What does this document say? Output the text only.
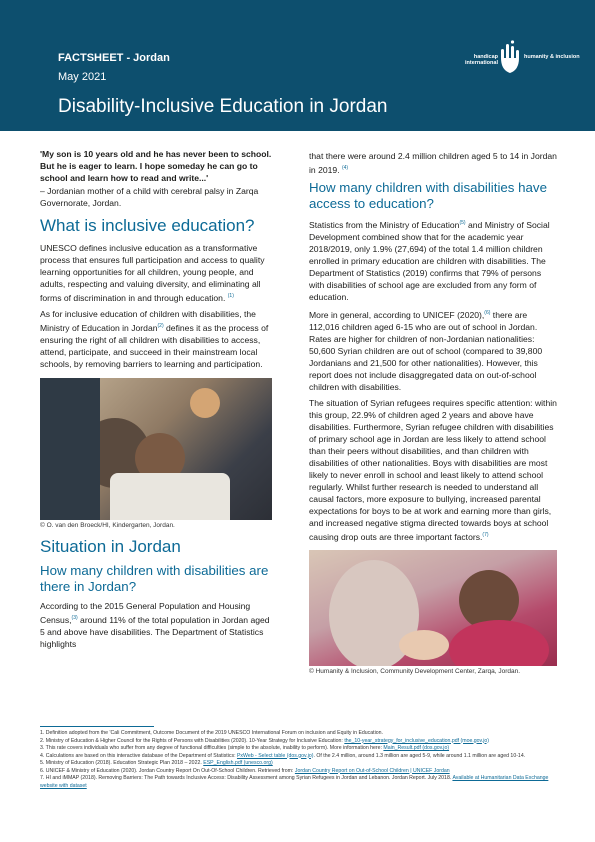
FACTSHEET - Jordan
May 2021
Disability-Inclusive Education in Jordan
handicap international
humanity & inclusion

'My son is 10 years old and he has never been to school. But he is eager to learn. I hope someday he can go to school and learn how to read and write...'

– Jordanian mother of a child with cerebral palsy in Zarqa Governorate, Jordan.

What is inclusive education?

UNESCO defines inclusive education as a transformative process that ensures full participation and access to quality learning opportunities for all children, young people, and adults, respecting and valuing diversity, and eliminating all forms of discrimination in and through education. $^{(1)}$

As for inclusive education of children with disabilities, the Ministry of Education in Jordan$^{(2)}$ defines it as the process of ensuring the right of all children with disabilities to access, attend, participate, and succeed in their mainstream local schools, by removing barriers to learning and participation.

© O. van den Broeck/HI, Kindergarten, Jordan.

Situation in Jordan
How many children with disabilities are there in Jordan?

According to the 2015 General Population and Housing Census,$^{(3)}$ around 11% of the total population in Jordan aged 5 and above have disabilities. The Department of Statistics highlights

that there were around 2.4 million children aged 5 to 14 in Jordan in 2019. $^{(4)}$

How many children with disabilities have access to education?

Statistics from the Ministry of Education$^{(5)}$ and Ministry of Social Development combined show that for the academic year 2018/2019, only 1.9% (27,694) of the total 1.4 million children enrolled in primary education are children with disabilities. The Department of Statistics (2019) confirms that 79% of persons with disabilities of school age are excluded from any form of education.

More in general, according to UNICEF (2020),$^{(6)}$ there are 112,016 children aged 6-15 who are out of school in Jordan. Rates are higher for children of non-Jordanian nationalities: 50,600 Syrian children are out of school (compared to 39,800 Jordanians and 21,500 for other nationalities). However, this report does not include disaggregated data on out-of-school children with disabilities.

The situation of Syrian refugees requires specific attention: within this group, 22.9% of children aged 2 years and above have disabilities. Furthermore, Syrian refugee children with disabilities of primary school age in Jordan are less likely to attend school than their peers without disabilities, and than children with disabilities of other nationalities. Boys with disabilities are most likely to never enroll in school and least likely to attend school regularly. Whilst further research is needed to understand all causal factors, more exposure to bullying, increased parental expectations for boys to be at work and earning more than girls, and increased negative stigma directed towards boys at school causing drop outs are three important factors.$^{(7)}$

© Humanity & Inclusion, Community Development Center, Zarqa, Jordan.

1. Definition adopted from the 'Cali Commitment, Outcome Document of the 2019 UNESCO International Forum on inclusion and Equity in Education.

2. Ministry of Education & Higher Council for the Rights of Persons with Disabilities (2020). 10-Year Strategy for Inclusive Education: the_10-year_strategy_for_inclusive_education.pdf (moe.gov.jo)

3. This rate covers individuals who suffer from any degree of functional difficulties (simple to the absolute, inability to perform). More information here: Main_Result.pdf (dos.gov.jo)

4. Calculations are based on this interactive database of the Department of Statistics: PxWeb - Select table (dos.gov.jo). Of the 2.4 million, around 1.3 million are aged 5-9, while around 1.1 million are aged 10-14.

5. Ministry of Education (2018). Education Strategic Plan 2018 – 2022. ESP_English.pdf (unesco.org)

6. UNICEF & Ministry of Education (2020). Jordan Country Report On Out-Of-School Children. Retrieved from: Jordan Country Report on Out-of-School Children | UNICEF Jordan

7. HI and iMMAP (2018). Removing Barriers: The Path towards Inclusive Access: Disability Assessment among Syrian Refugees in Jordan and Lebanon. Jordan Report. July 2018. Available at Humanitarian Data Exchange website with dataset
